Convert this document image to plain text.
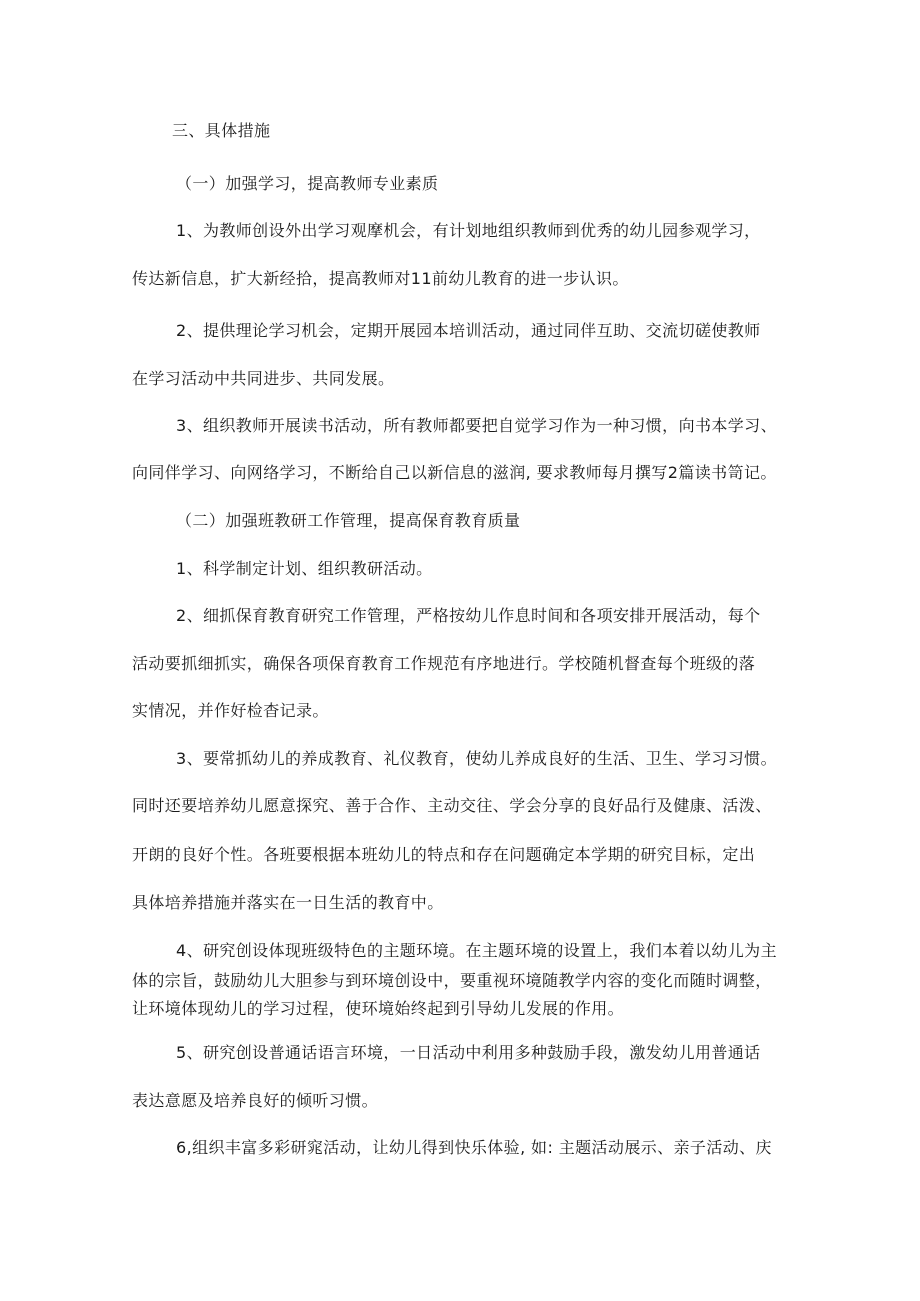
三、具体措施
（一）加强学习，提高教师专业素质
1、为教师创设外出学习观摩机会，有计划地组织教师到优秀的幼儿园参观学习，
传达新信息，扩大新经拾，提高教师对11前幼儿教育的进一步认识。
2、提供理论学习机会，定期开展园本培训活动，通过同伴互助、交流切磋使教师
在学习活动中共同进步、共同发展。
3、组织教师开展读书活动，所有教师都要把自觉学习作为一种习惯，向书本学习、
向同伴学习、向网络学习，不断给自己以新信息的滋润, 要求教师每月撰写2篇读书笥记。
（二）加强班教研工作管理，提高保育教育质量
1、科学制定计划、组织教研活动。
2、细抓保育教育研究工作管理，严格按幼儿作息时间和各项安排开展活动，每个
活动要抓细抓实，确保各项保育教育工作规范有序地进行。学校随机督查每个班级的落
实情况，并作好检杳记录。
3、要常抓幼儿的养成教育、礼仪教育，使幼儿养成良好的生活、卫生、学习习惯。
同时还要培养幼儿愿意探究、善于合作、主动交往、学会分享的良好品行及健康、活泼、
开朗的良好个性。各班要根据本班幼儿的特点和存在问题确定本学期的研究目标，定出
具体培养措施并落实在一日生活的教育中。
4、研究创设体现班级特色的主题环境。在主题环境的设置上，我们本着以幼儿为主
体的宗旨，鼓励幼儿大胆参与到环境创设中，要重视环境随教学内容的变化而随时调整，
让环境体现幼儿的学习过程，使环境始终起到引导幼儿发展的作用。
5、研究创设普通话语言环境，一日活动中利用多种鼓励手段，激发幼儿用普通话
表达意愿及培养良好的倾听习惯。
6,组织丰富多彩研窕活动，让幼儿得到快乐体验, 如: 主题活动展示、亲子活动、庆
